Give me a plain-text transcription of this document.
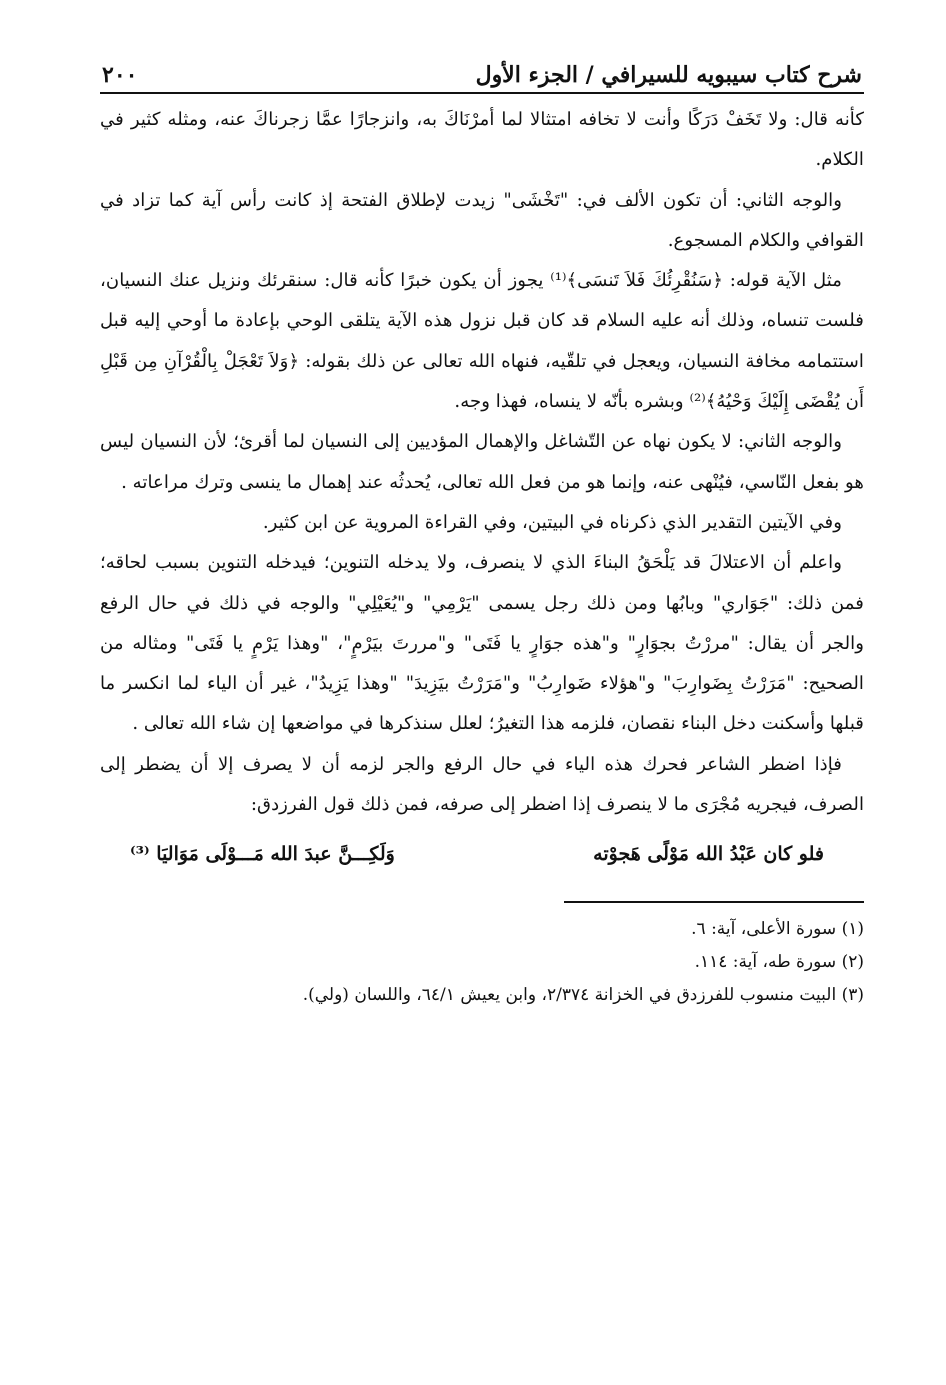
شرح كتاب سيبويه للسيرافي / الجزء الأول
٢٠٠

كأنه قال: ولا تَخَفْ دَرَكًا وأنت لا تخافه امتثالا لما أمرْنَاكَ به، وانزجارًا عمَّا زجرناكَ عنه، ومثله كثير في الكلام.

والوجه الثاني: أن تكون الألف في: "تَخْشَى" زيدت لإطلاق الفتحة إذ كانت رأس آية كما تزاد في القوافي والكلام المسجوع.

مثل الآية قوله: ﴿سَنُقْرِئُكَ فَلاَ تَنسَى﴾⁽¹⁾ يجوز أن يكون خبرًا كأنه قال: سنقرئك ونزيل عنك النسيان، فلست تنساه، وذلك أنه عليه السلام قد كان قبل نزول هذه الآية يتلقى الوحي بإعادة ما أوحي إليه قبل استتمامه مخافة النسيان، ويعجل في تلقّيه، فنهاه الله تعالى عن ذلك بقوله: ﴿وَلاَ تَعْجَلْ بِالْقُرْآنِ مِن قَبْلِ أَن يُقْضَى إِلَيْكَ وَحْيُهُ﴾⁽²⁾ وبشره بأنّه لا ينساه، فهذا وجه.

والوجه الثاني: لا يكون نهاه عن التّشاغل والإهمال المؤديين إلى النسيان لما أقرئ؛ لأن النسيان ليس هو بفعل النّاسي، فيُنْهى عنه، وإنما هو من فعل الله تعالى، يُحدثُه عند إهمال ما ينسى وترك مراعاته .

وفي الآيتين التقدير الذي ذكرناه في البيتين، وفي القراءة المروية عن ابن كثير.

واعلم أن الاعتلالَ قد يَلْحَقُ البناءَ الذي لا ينصرف، ولا يدخله التنوين؛ فيدخله التنوين بسبب لحاقه؛ فمن ذلك: "جَوَاري" وبابُها ومن ذلك رجل يسمى "يَرْمِي" و"يُعَيْلِي" والوجه في ذلك في حال الرفع والجر أن يقال: "مررْتُ بجوَارٍ" و"هذه جوَارٍ يا فَتَى" و"مررتَ بيَرْمٍ"، "وهذا يَرْمٍ يا فَتَى" ومثاله من الصحيح: "مَرَرْتُ بِضَوارِبَ" و"هؤلاء ضَوارِبُ" و"مَرَرْتُ بيَزِيدَ" "وهذا يَزِيدُ"، غير أن الياء لما انكسر ما قبلها وأسكنت دخل البناء نقصان، فلزمه هذا التغيرُ؛ لعلل سنذكرها في مواضعها إن شاء الله تعالى .

فإذا اضطر الشاعر فحرك هذه الياء في حال الرفع والجر لزمه أن لا يصرف إلا أن يضطر إلى الصرف، فيجريه مُجْرَى ما لا ينصرف إذا اضطر إلى صرفه، فمن ذلك قول الفرزدق:

فلو كان عَبْدُ الله مَوْلًى هَجوْته
وَلَكِـــنَّ عبدَ الله مَـــوْلَى مَوَاليَا ⁽³⁾

(١) سورة الأعلى، آية: ٦.

(٢) سورة طه، آية: ١١٤.

(٣) البيت منسوب للفرزدق في الخزانة ٢/٣٧٤، وابن يعيش ٦٤/١، واللسان (ولي).
